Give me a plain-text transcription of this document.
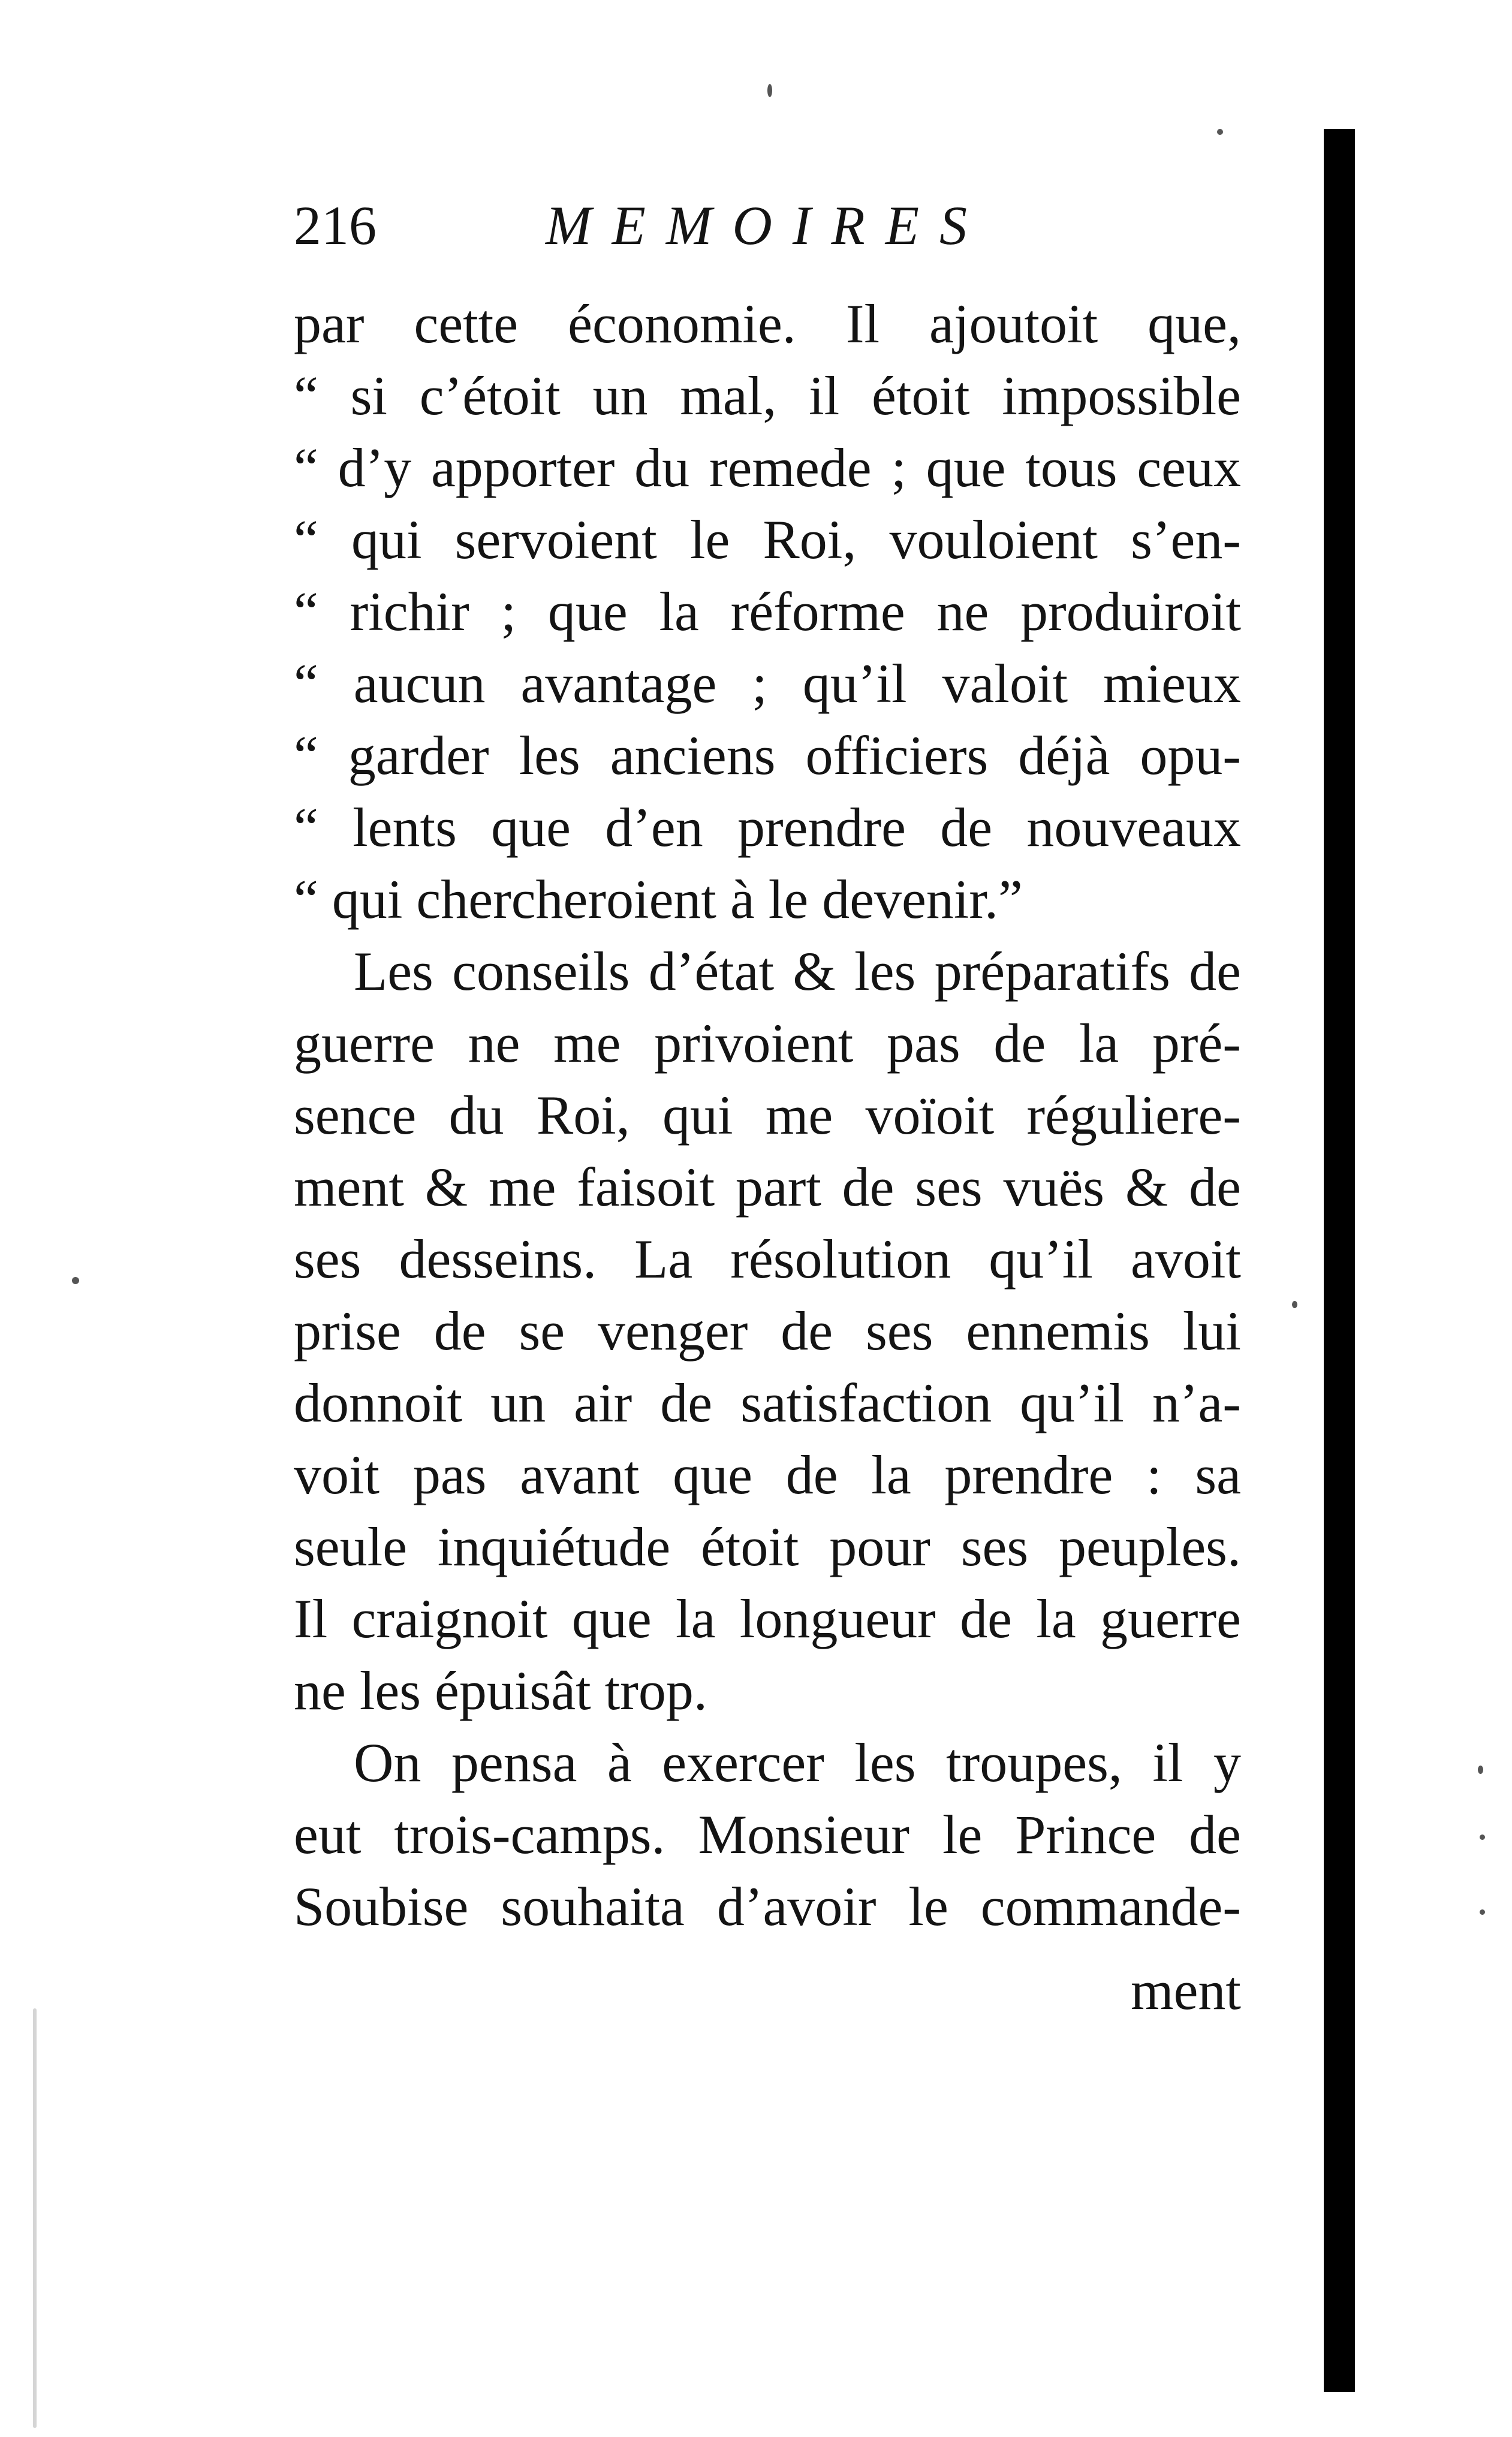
216	MEMOIRES
par cette économie. Il ajoutoit que,
“ si c’étoit un mal, il étoit impossible
“ d’y apporter du remede ; que tous ceux
“ qui servoient le Roi, vouloient s’en-
“ richir ; que la réforme ne produiroit
“ aucun avantage ; qu’il valoit mieux
“ garder les anciens officiers déjà opu-
“ lents que d’en prendre de nouveaux
“ qui chercheroient à le devenir.”
Les conseils d’état & les préparatifs de
guerre ne me privoient pas de la pré-
sence du Roi, qui me voïoit réguliere-
ment & me faisoit part de ses vuës & de
ses desseins. La résolution qu’il avoit
prise de se venger de ses ennemis lui
donnoit un air de satisfaction qu’il n’a-
voit pas avant que de la prendre : sa
seule inquiétude étoit pour ses peuples.
Il craignoit que la longueur de la guerre
ne les épuisât trop.
On pensa à exercer les troupes, il y
eut trois-camps. Monsieur le Prince de
Soubise souhaita d’avoir le commande-
ment
